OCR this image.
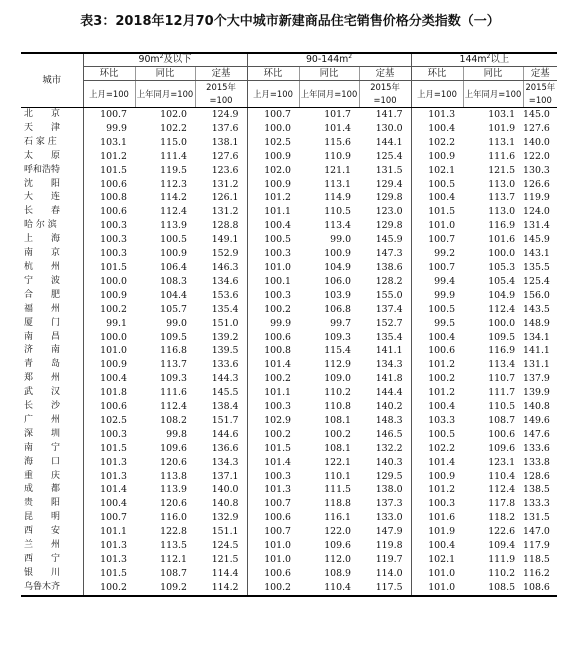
表3：2018年12月70个大中城市新建商品住宅销售价格分类指数（一）
城市	$90m^2$及以下			$90-144m^2$			$144m^2$以上		
	环比	同比	定基	环比	同比	定基	环比	同比	定基
	上月=100	上年同月=100	2015年=100	上月=100	上年同月=100	2015年=100	上月=100	上年同月=100	2015年=100
北　　京	100.7	102.0	124.9	100.7	101.7	141.7	101.3	103.1	145.0
天　　津	99.9	102.2	137.6	100.0	101.4	130.0	100.4	101.9	127.6
石 家 庄	103.1	115.0	138.1	102.5	115.6	144.1	102.2	113.1	140.0
太　　原	101.2	111.4	127.6	100.9	110.9	125.4	100.9	111.6	122.0
呼和浩特	101.5	119.5	123.6	102.0	121.1	131.5	102.1	121.5	130.3
沈　　阳	100.6	112.3	131.2	100.9	113.1	129.4	100.5	113.0	126.6
大　　连	100.8	114.2	126.1	101.2	114.9	129.8	100.4	113.7	119.9
长　　春	100.6	112.4	131.2	101.1	110.5	123.0	101.5	113.0	124.0
哈 尔 滨	100.3	113.9	128.8	100.4	113.4	129.8	101.0	116.9	131.4
上　　海	100.3	100.5	149.1	100.5	99.0	145.9	100.7	101.6	145.9
南　　京	100.3	100.9	152.9	100.3	100.9	147.3	99.2	100.0	143.1
杭　　州	101.5	106.4	146.3	101.0	104.9	138.6	100.7	105.3	135.5
宁　　波	100.0	108.3	134.6	100.1	106.0	128.2	99.4	105.4	125.4
合　　肥	100.9	104.4	153.6	100.3	103.9	155.0	99.9	104.9	156.0
福　　州	100.2	105.7	135.4	100.2	106.8	137.4	100.5	112.4	143.5
厦　　门	99.1	99.0	151.0	99.9	99.7	152.7	99.5	100.0	148.9
南　　昌	100.0	109.5	139.2	100.6	109.3	135.4	100.4	109.5	134.1
济　　南	101.0	116.8	139.5	100.8	115.4	141.1	100.6	116.9	141.1
青　　岛	100.9	113.7	133.6	101.4	112.9	134.3	101.2	113.4	131.1
郑　　州	100.4	109.3	144.3	100.2	109.0	141.8	100.2	110.7	137.9
武　　汉	101.8	111.6	145.5	101.1	110.2	144.4	101.2	111.7	139.9
长　　沙	100.6	112.4	138.4	100.3	110.8	140.2	100.4	110.5	140.8
广　　州	102.5	108.2	151.7	102.9	108.1	148.3	103.3	108.7	149.6
深　　圳	100.3	99.8	144.6	100.2	100.2	146.5	100.5	100.6	147.6
南　　宁	101.5	109.6	136.6	101.5	108.1	132.2	102.2	109.6	133.6
海　　口	101.3	120.6	134.3	101.4	122.1	140.3	101.4	123.1	133.8
重　　庆	101.3	113.8	137.1	100.3	110.1	129.5	100.9	110.4	128.6
成　　都	101.4	113.9	140.0	101.3	111.5	138.0	101.2	112.4	138.5
贵　　阳	100.4	120.6	140.8	100.7	118.8	137.3	100.3	117.8	133.3
昆　　明	100.7	116.0	132.9	100.6	116.1	133.0	101.6	118.2	131.5
西　　安	101.1	122.8	151.1	100.7	122.0	147.9	101.9	122.6	147.0
兰　　州	101.3	113.5	124.5	101.0	109.6	119.8	100.4	109.4	117.9
西　　宁	101.3	112.1	121.5	101.0	112.0	119.7	102.1	111.9	118.5
银　　川	101.5	108.7	114.4	100.6	108.9	114.0	101.0	110.2	116.2
乌鲁木齐	100.2	109.2	114.2	100.2	110.4	117.5	101.0	108.5	108.6
